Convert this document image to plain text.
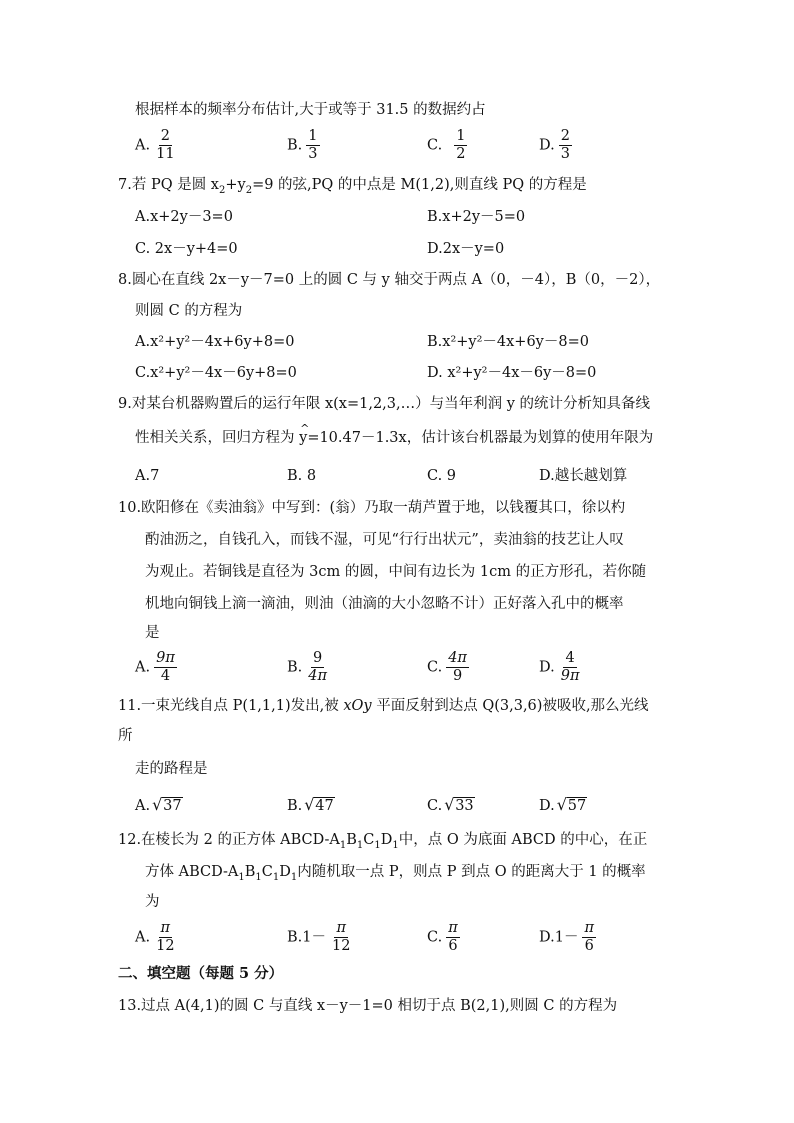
根据样本的频率分布估计,大于或等于 31.5 的数据约占
A. $\frac{2}{11}$	B. $\frac{1}{3}$	C. $\frac{1}{2}$	D. $\frac{2}{3}$
7.若 PQ 是圆 $x_2+y_2=9$ 的弦,PQ 的中点是 M(1,2),则直线 PQ 的方程是
A.x+2y－3=0	B.x+2y－5=0
C. 2x－y+4=0	D.2x－y=0
8.圆心在直线 2x－y－7=0 上的圆 C 与 y 轴交于两点 A（0，－4），B（0，－2），
则圆 C 的方程为
A.x²+y²－4x+6y+8=0	B.x²+y²－4x+6y－8=0
C.x²+y²－4x－6y+8=0	D. x²+y²－4x－6y－8=0
9.对某台机器购置后的运行年限 x(x=1,2,3,…）与当年利润 y 的统计分析知具备线
性相关关系，回归方程为 ^ y=10.47－1.3x，估计该台机器最为划算的使用年限为
A.7	B. 8	C. 9	D.越长越划算
10.欧阳修在《卖油翁》中写到：(翁）乃取一葫芦置于地，以钱覆其口，徐以杓
酌油沥之，自钱孔入，而钱不湿，可见“行行出状元”，卖油翁的技艺让人叹
为观止。若铜钱是直径为 3cm 的圆，中间有边长为 1cm 的正方形孔，若你随
机地向铜钱上滴一滴油，则油（油滴的大小忽略不计）正好落入孔中的概率
是
A. $\frac{9\pi}{4}$	B. $\frac{9}{4\pi}$	C. $\frac{4\pi}{9}$	D. $\frac{4}{9\pi}$
11.一束光线自点 P(1,1,1)发出,被 xOy 平面反射到达点 Q(3,3,6)被吸收,那么光线
所
走的路程是
A. √ 37	B. √ 47	C. √ 33	D. √ 57
12.在棱长为 2 的正方体 ABCD-$A_1B_1C_1D_1$中，点 O 为底面 ABCD 的中心，在正
方体 ABCD-$A_1B_1C_1D_1$内随机取一点 P，则点 P 到点 O 的距离大于 1 的概率
为
A. $\frac{\pi}{12}$	$B.1- \frac{\pi}{12}$	C. $\frac{\pi}{6}$	$D.1- \frac{\pi}{6}$
二、填空题（每题 5 分）
13.过点 A(4,1)的圆 C 与直线 x－y－1=0 相切于点 B(2,1),则圆 C 的方程为
